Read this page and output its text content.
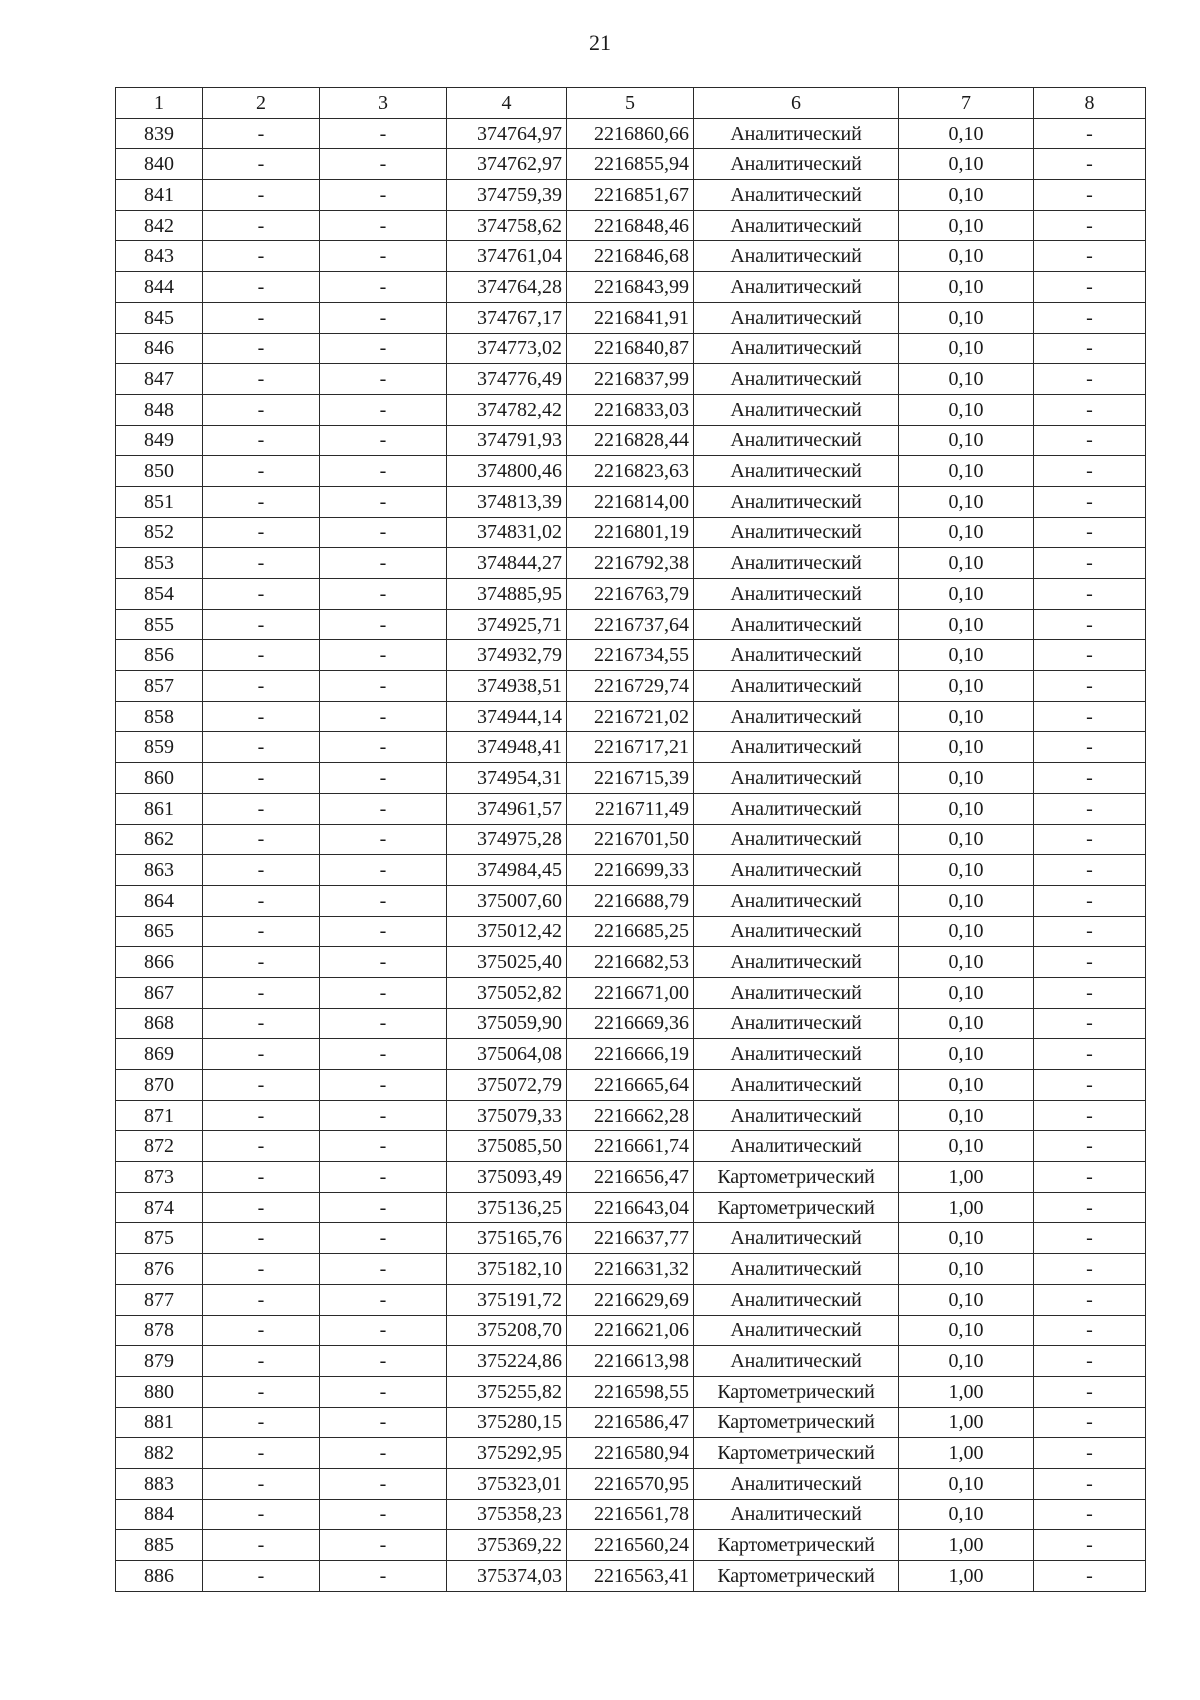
21
1	2	3	4	5	6	7	8
839	-	-	374764,97	2216860,66	Аналитический	0,10	-
840	-	-	374762,97	2216855,94	Аналитический	0,10	-
841	-	-	374759,39	2216851,67	Аналитический	0,10	-
842	-	-	374758,62	2216848,46	Аналитический	0,10	-
843	-	-	374761,04	2216846,68	Аналитический	0,10	-
844	-	-	374764,28	2216843,99	Аналитический	0,10	-
845	-	-	374767,17	2216841,91	Аналитический	0,10	-
846	-	-	374773,02	2216840,87	Аналитический	0,10	-
847	-	-	374776,49	2216837,99	Аналитический	0,10	-
848	-	-	374782,42	2216833,03	Аналитический	0,10	-
849	-	-	374791,93	2216828,44	Аналитический	0,10	-
850	-	-	374800,46	2216823,63	Аналитический	0,10	-
851	-	-	374813,39	2216814,00	Аналитический	0,10	-
852	-	-	374831,02	2216801,19	Аналитический	0,10	-
853	-	-	374844,27	2216792,38	Аналитический	0,10	-
854	-	-	374885,95	2216763,79	Аналитический	0,10	-
855	-	-	374925,71	2216737,64	Аналитический	0,10	-
856	-	-	374932,79	2216734,55	Аналитический	0,10	-
857	-	-	374938,51	2216729,74	Аналитический	0,10	-
858	-	-	374944,14	2216721,02	Аналитический	0,10	-
859	-	-	374948,41	2216717,21	Аналитический	0,10	-
860	-	-	374954,31	2216715,39	Аналитический	0,10	-
861	-	-	374961,57	2216711,49	Аналитический	0,10	-
862	-	-	374975,28	2216701,50	Аналитический	0,10	-
863	-	-	374984,45	2216699,33	Аналитический	0,10	-
864	-	-	375007,60	2216688,79	Аналитический	0,10	-
865	-	-	375012,42	2216685,25	Аналитический	0,10	-
866	-	-	375025,40	2216682,53	Аналитический	0,10	-
867	-	-	375052,82	2216671,00	Аналитический	0,10	-
868	-	-	375059,90	2216669,36	Аналитический	0,10	-
869	-	-	375064,08	2216666,19	Аналитический	0,10	-
870	-	-	375072,79	2216665,64	Аналитический	0,10	-
871	-	-	375079,33	2216662,28	Аналитический	0,10	-
872	-	-	375085,50	2216661,74	Аналитический	0,10	-
873	-	-	375093,49	2216656,47	Картометрический	1,00	-
874	-	-	375136,25	2216643,04	Картометрический	1,00	-
875	-	-	375165,76	2216637,77	Аналитический	0,10	-
876	-	-	375182,10	2216631,32	Аналитический	0,10	-
877	-	-	375191,72	2216629,69	Аналитический	0,10	-
878	-	-	375208,70	2216621,06	Аналитический	0,10	-
879	-	-	375224,86	2216613,98	Аналитический	0,10	-
880	-	-	375255,82	2216598,55	Картометрический	1,00	-
881	-	-	375280,15	2216586,47	Картометрический	1,00	-
882	-	-	375292,95	2216580,94	Картометрический	1,00	-
883	-	-	375323,01	2216570,95	Аналитический	0,10	-
884	-	-	375358,23	2216561,78	Аналитический	0,10	-
885	-	-	375369,22	2216560,24	Картометрический	1,00	-
886	-	-	375374,03	2216563,41	Картометрический	1,00	-
